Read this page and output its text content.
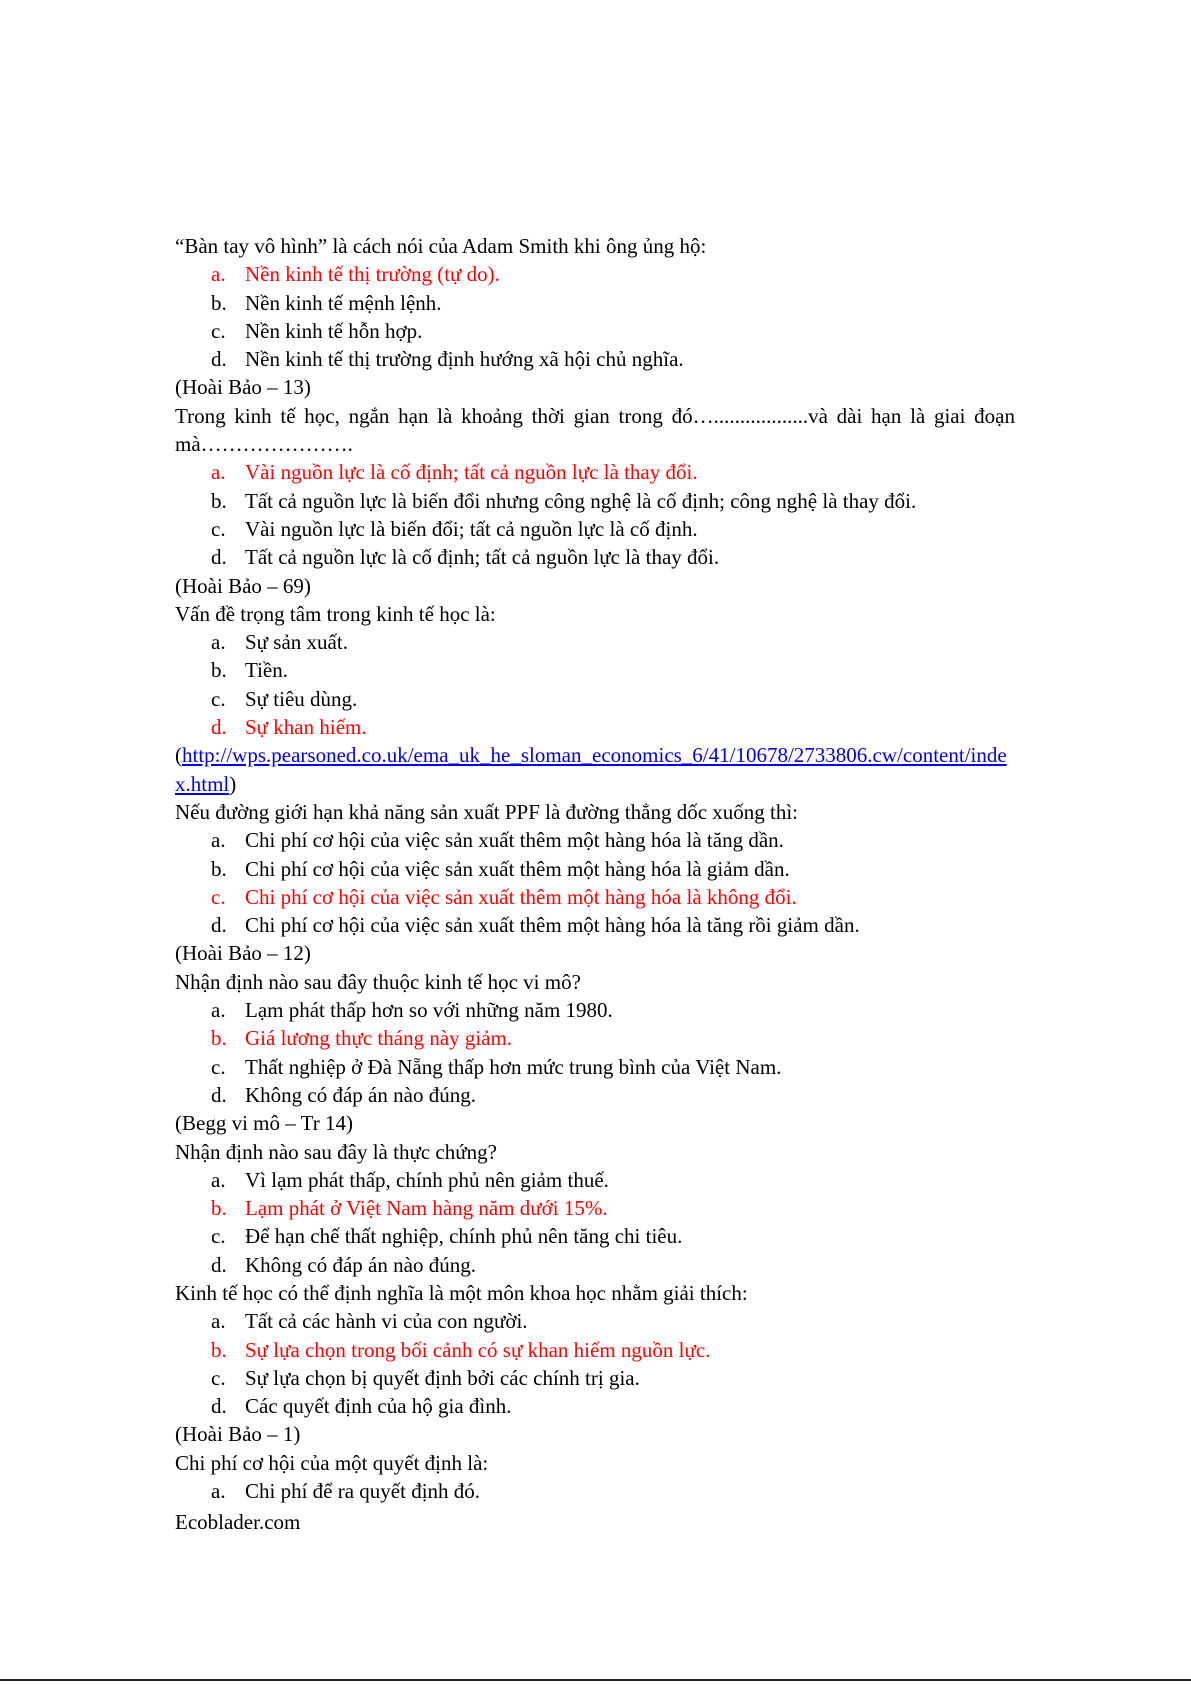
“Bàn tay vô hình” là cách nói của Adam Smith khi ông ủng hộ:
a. Nền kinh tế thị trường (tự do).
b. Nền kinh tế mệnh lệnh.
c. Nền kinh tế hỗn hợp.
d. Nền kinh tế thị trường định hướng xã hội chủ nghĩa.
(Hoài Bảo – 13)
Trong kinh tế học, ngắn hạn là khoảng thời gian trong đó…..................và dài hạn là giai đoạn mà………………….
a. Vài nguồn lực là cố định; tất cả nguồn lực là thay đổi.
b. Tất cả nguồn lực là biến đổi nhưng công nghệ là cố định; công nghệ là thay đổi.
c. Vài nguồn lực là biến đổi; tất cả nguồn lực là cố định.
d. Tất cả nguồn lực là cố định; tất cả nguồn lực là thay đổi.
(Hoài Bảo – 69)
Vấn đề trọng tâm trong kinh tế học là:
a. Sự sản xuất.
b. Tiền.
c. Sự tiêu dùng.
d. Sự khan hiếm.
(http://wps.pearsoned.co.uk/ema_uk_he_sloman_economics_6/41/10678/2733806.cw/content/index.html)
Nếu đường giới hạn khả năng sản xuất PPF là đường thẳng dốc xuống thì:
a. Chi phí cơ hội của việc sản xuất thêm một hàng hóa là tăng dần.
b. Chi phí cơ hội của việc sản xuất thêm một hàng hóa là giảm dần.
c. Chi phí cơ hội của việc sản xuất thêm một hàng hóa là không đổi.
d. Chi phí cơ hội của việc sản xuất thêm một hàng hóa là tăng rồi giảm dần.
(Hoài Bảo – 12)
Nhận định nào sau đây thuộc kinh tế học vi mô?
a. Lạm phát thấp hơn so với những năm 1980.
b. Giá lương thực tháng này giảm.
c. Thất nghiệp ở Đà Nẵng thấp hơn mức trung bình của Việt Nam.
d. Không có đáp án nào đúng.
(Begg vi mô – Tr 14)
Nhận định nào sau đây là thực chứng?
a. Vì lạm phát thấp, chính phủ nên giảm thuế.
b. Lạm phát ở Việt Nam hàng năm dưới 15%.
c. Để hạn chế thất nghiệp, chính phủ nên tăng chi tiêu.
d. Không có đáp án nào đúng.
Kinh tế học có thể định nghĩa là một môn khoa học nhằm giải thích:
a. Tất cả các hành vi của con người.
b. Sự lựa chọn trong bối cảnh có sự khan hiếm nguồn lực.
c. Sự lựa chọn bị quyết định bởi các chính trị gia.
d. Các quyết định của hộ gia đình.
(Hoài Bảo – 1)
Chi phí cơ hội của một quyết định là:
a. Chi phí để ra quyết định đó.
Ecoblader.com
